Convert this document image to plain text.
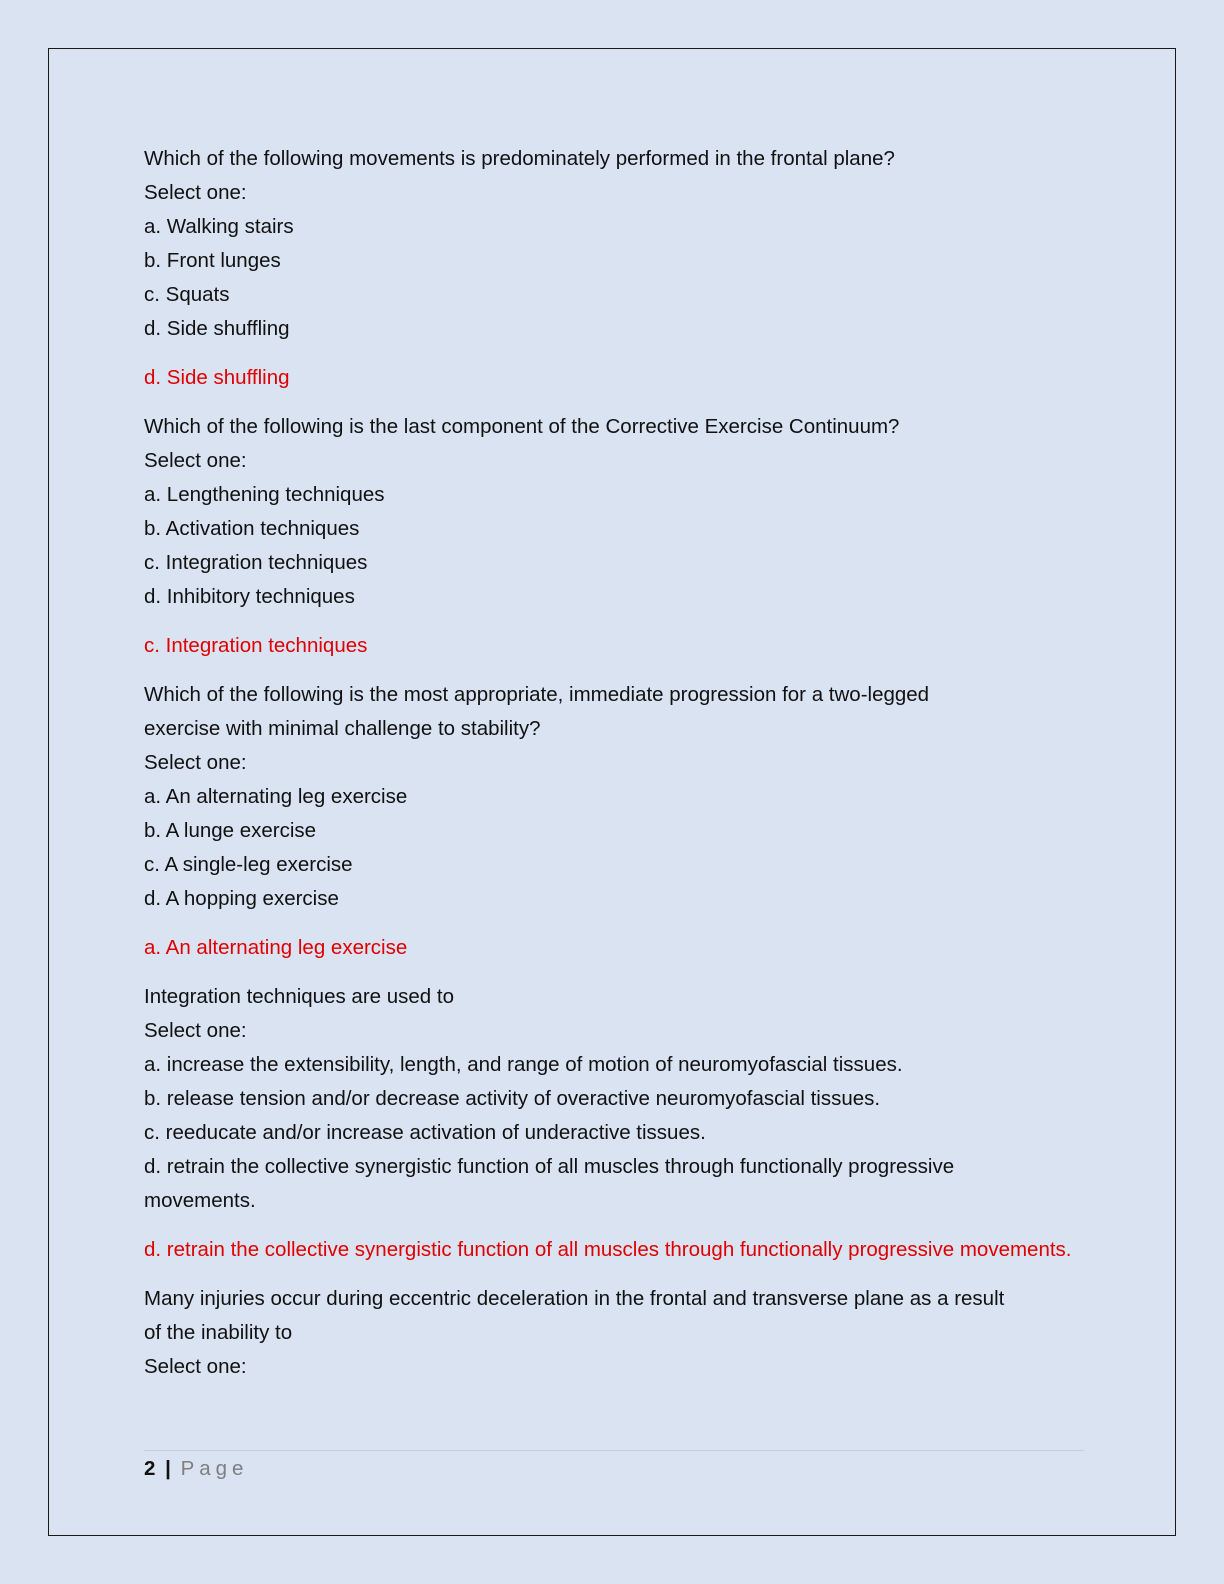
Which of the following movements is predominately performed in the frontal plane?
Select one:
a. Walking stairs
b. Front lunges
c. Squats
d. Side shuffling
d. Side shuffling
Which of the following is the last component of the Corrective Exercise Continuum?
Select one:
a. Lengthening techniques
b. Activation techniques
c. Integration techniques
d. Inhibitory techniques
c. Integration techniques
Which of the following is the most appropriate, immediate progression for a two-legged
exercise with minimal challenge to stability?
Select one:
a. An alternating leg exercise
b. A lunge exercise
c. A single-leg exercise
d. A hopping exercise
a. An alternating leg exercise
Integration techniques are used to
Select one:
a. increase the extensibility, length, and range of motion of neuromyofascial tissues.
b. release tension and/or decrease activity of overactive neuromyofascial tissues.
c. reeducate and/or increase activation of underactive tissues.
d. retrain the collective synergistic function of all muscles through functionally progressive
movements.
d. retrain the collective synergistic function of all muscles through functionally progressive movements.
Many injuries occur during eccentric deceleration in the frontal and transverse plane as a result
of the inability to
Select one:
2 | Page
